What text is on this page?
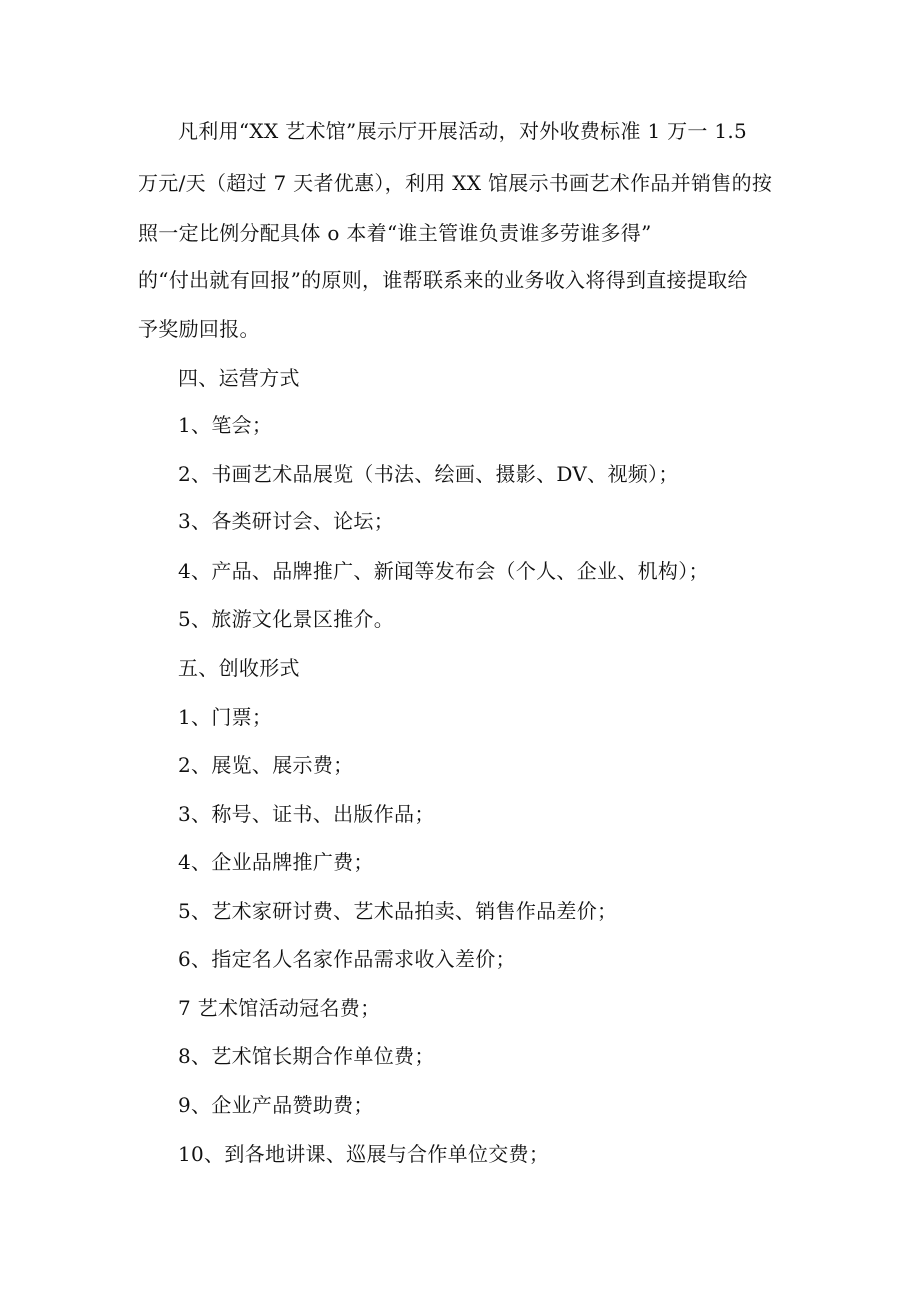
凡利用“XX 艺术馆”展示厅开展活动，对外收费标准 1 万一 1.5
万元/天（超过 7 天者优惠），利用 XX 馆展示书画艺术作品并销售的按
照一定比例分配具体 o 本着“谁主管谁负责谁多劳谁多得”
的“付出就有回报”的原则，谁帮联系来的业务收入将得到直接提取给
予奖励回报。
四、运营方式
1、笔会；
2、书画艺术品展览（书法、绘画、摄影、DV、视频）；
3、各类研讨会、论坛；
4、产品、品牌推广、新闻等发布会（个人、企业、机构）；
5、旅游文化景区推介。
五、创收形式
1、门票；
2、展览、展示费；
3、称号、证书、出版作品；
4、企业品牌推广费；
5、艺术家研讨费、艺术品拍卖、销售作品差价；
6、指定名人名家作品需求收入差价；
7 艺术馆活动冠名费；
8、艺术馆长期合作单位费；
9、企业产品赞助费；
10、到各地讲课、巡展与合作单位交费；
